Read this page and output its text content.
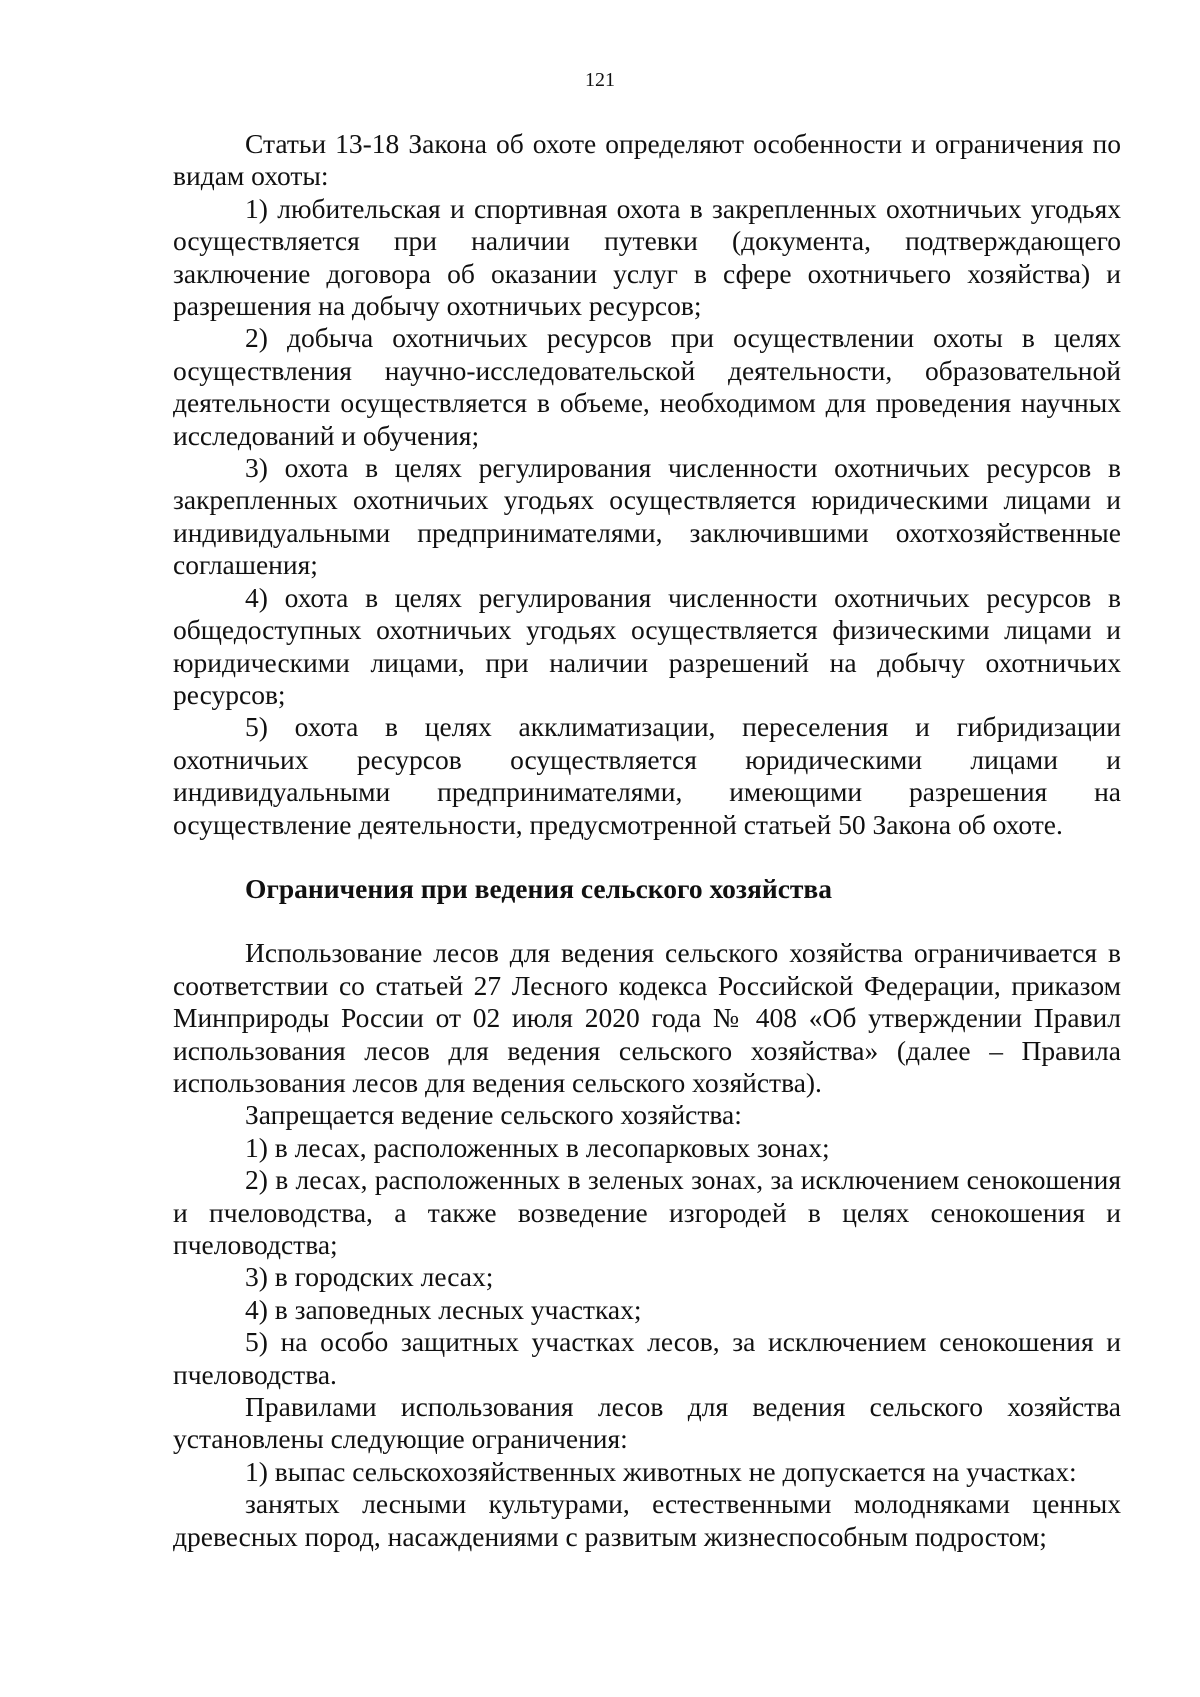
121

Статьи 13-18 Закона об охоте определяют особенности и ограничения по видам охоты:

1) любительская и спортивная охота в закрепленных охотничьих угодьях осуществляется при наличии путевки (документа, подтверждающего заключение договора об оказании услуг в сфере охотничьего хозяйства) и разрешения на добычу охотничьих ресурсов;

2) добыча охотничьих ресурсов при осуществлении охоты в целях осуществления научно-исследовательской деятельности, образовательной деятельности осуществляется в объеме, необходимом для проведения научных исследований и обучения;

3) охота в целях регулирования численности охотничьих ресурсов в закрепленных охотничьих угодьях осуществляется юридическими лицами и индивидуальными предпринимателями, заключившими охотхозяйственные соглашения;

4) охота в целях регулирования численности охотничьих ресурсов в общедоступных охотничьих угодьях осуществляется физическими лицами и юридическими лицами, при наличии разрешений на добычу охотничьих ресурсов;

5) охота в целях акклиматизации, переселения и гибридизации охотничьих ресурсов осуществляется юридическими лицами и индивидуальными предпринимателями, имеющими разрешения на осуществление деятельности, предусмотренной статьей 50 Закона об охоте.

Ограничения при ведения сельского хозяйства

Использование лесов для ведения сельского хозяйства ограничивается в соответствии со статьей 27 Лесного кодекса Российской Федерации, приказом Минприроды России от 02 июля 2020 года № 408 «Об утверждении Правил использования лесов для ведения сельского хозяйства» (далее – Правила использования лесов для ведения сельского хозяйства).

Запрещается ведение сельского хозяйства:

1) в лесах, расположенных в лесопарковых зонах;

2) в лесах, расположенных в зеленых зонах, за исключением сенокошения и пчеловодства, а также возведение изгородей в целях сенокошения и пчеловодства;

3) в городских лесах;

4) в заповедных лесных участках;

5) на особо защитных участках лесов, за исключением сенокошения и пчеловодства.

Правилами использования лесов для ведения сельского хозяйства установлены следующие ограничения:

1) выпас сельскохозяйственных животных не допускается на участках:

занятых лесными культурами, естественными молодняками ценных древесных пород, насаждениями с развитым жизнеспособным подростом;
